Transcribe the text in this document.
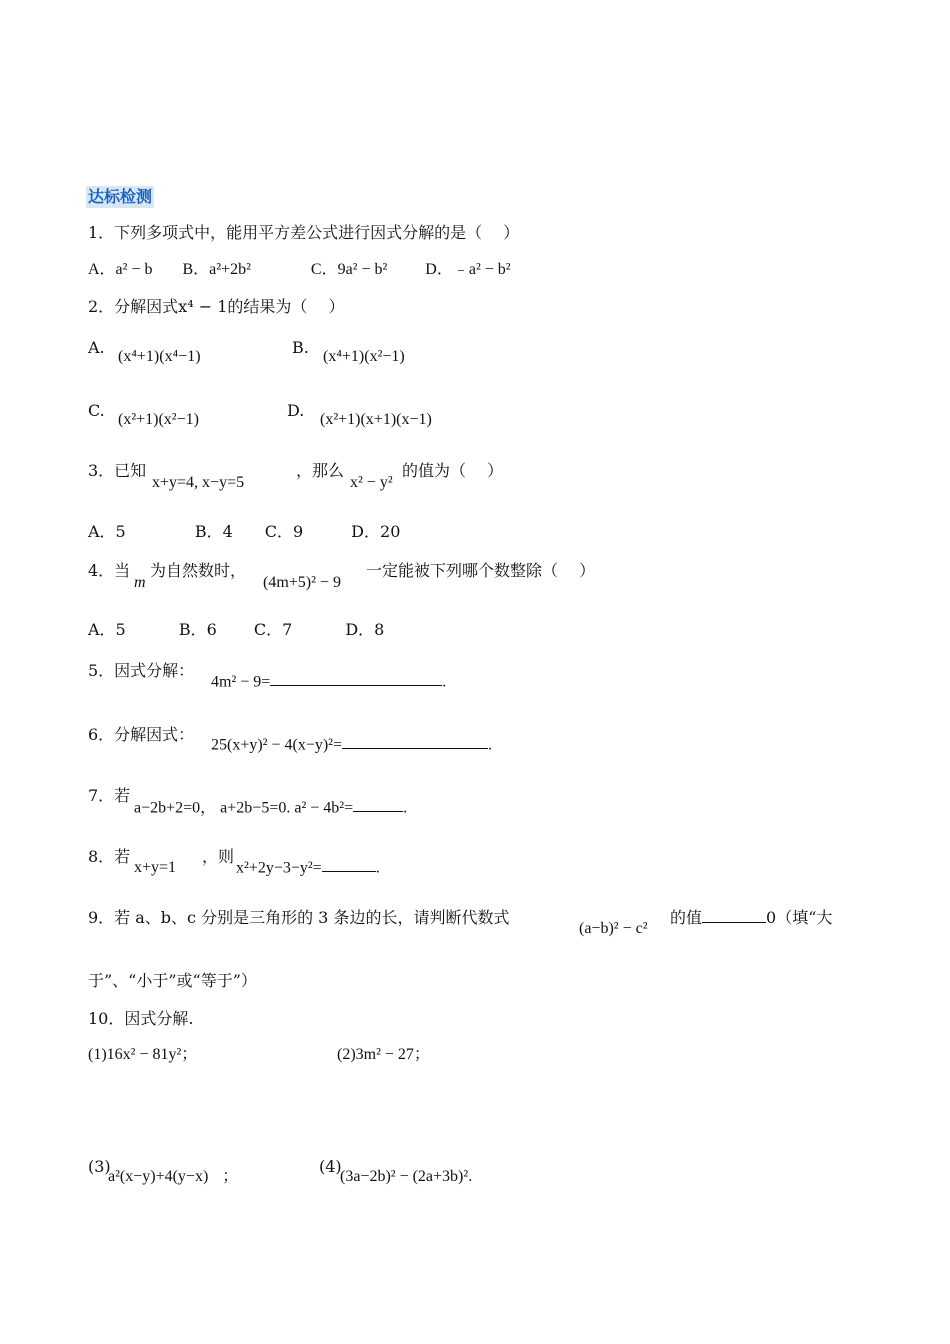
达标检测
1．下列多项式中，能用平方差公式进行因式分解的是（　 ）
A．a² − b B．a²+2b²	C．9a² − b² D．﹣a² − b²
2．分解因式x⁴ − 1的结果为（　 ）
A. (x⁴+1)(x⁴−1)	B. (x⁴+1)(x²−1)
C. (x²+1)(x²−1)	D. (x²+1)(x+1)(x−1)
3．已知
x+y=4, x−y=5
，那么
x² − y²
的值为（　 ）
A．5　　　　 B．4　　C．9　　　D．20
4．当
m
为自然数时，
(4m+5)² − 9
一定能被下列哪个数整除（　 ）
A．5　　　 B．6　　 C．7　　　 D．8
5．因式分解：
4m² − 9=	.
6．分解因式：
25(x+y)² − 4(x−y)²=	.
7．若
a−2b+2=0， a+2b−5=0. a² − 4b²=	.
8．若
x+y=1
，则
x²+2y−3−y²=	.
9．若 a、b、c 分别是三角形的 3 条边的长，请判断代数式
(a−b)² − c²
的值	0（填“大
于”、“小于”或“等于”）
10．因式分解.
(1)16x² − 81y²；	(2)3m² − 27；
(3)
a²(x−y)+4(y−x) ；
(4)
(3a−2b)² − (2a+3b)².
